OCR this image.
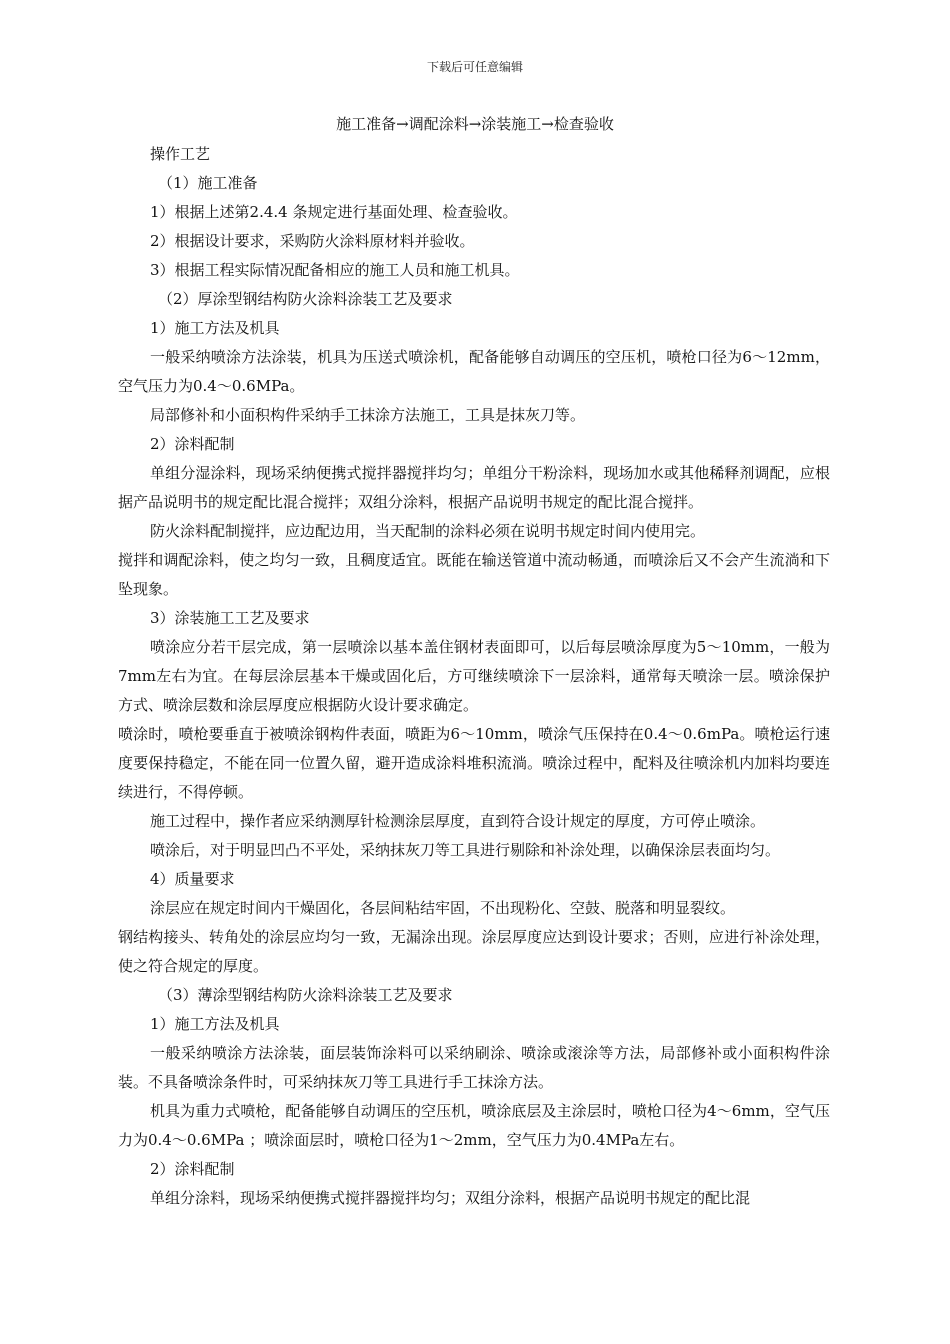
下载后可任意编辑
施工准备→调配涂料→涂装施工→检查验收

操作工艺

（1）施工准备

1）根据上述第2.4.4 条规定进行基面处理、检查验收。

2）根据设计要求，采购防火涂料原材料并验收。

3）根据工程实际情况配备相应的施工人员和施工机具。

（2）厚涂型钢结构防火涂料涂装工艺及要求

1）施工方法及机具

一般采纳喷涂方法涂装，机具为压送式喷涂机，配备能够自动调压的空压机，喷枪口径为6～12mm，空气压力为0.4～0.6MPa。

局部修补和小面积构件采纳手工抹涂方法施工，工具是抹灰刀等。

2）涂料配制

单组分湿涂料，现场采纳便携式搅拌器搅拌均匀；单组分干粉涂料，现场加水或其他稀释剂调配，应根据产品说明书的规定配比混合搅拌；双组分涂料，根据产品说明书规定的配比混合搅拌。

防火涂料配制搅拌，应边配边用，当天配制的涂料必须在说明书规定时间内使用完。

搅拌和调配涂料，使之均匀一致，且稠度适宜。既能在输送管道中流动畅通，而喷涂后又不会产生流淌和下坠现象。

3）涂装施工工艺及要求

喷涂应分若干层完成，第一层喷涂以基本盖住钢材表面即可，以后每层喷涂厚度为5～10mm，一般为7mm左右为宜。在每层涂层基本干燥或固化后，方可继续喷涂下一层涂料，通常每天喷涂一层。喷涂保护方式、喷涂层数和涂层厚度应根据防火设计要求确定。

喷涂时，喷枪要垂直于被喷涂钢构件表面，喷距为6～10mm，喷涂气压保持在0.4～0.6mPa。喷枪运行速度要保持稳定，不能在同一位置久留，避开造成涂料堆积流淌。喷涂过程中，配料及往喷涂机内加料均要连续进行，不得停顿。

施工过程中，操作者应采纳测厚针检测涂层厚度，直到符合设计规定的厚度，方可停止喷涂。

喷涂后，对于明显凹凸不平处，采纳抹灰刀等工具进行剔除和补涂处理，以确保涂层表面均匀。

4）质量要求

涂层应在规定时间内干燥固化，各层间粘结牢固，不出现粉化、空鼓、脱落和明显裂纹。

钢结构接头、转角处的涂层应均匀一致，无漏涂出现。涂层厚度应达到设计要求；否则，应进行补涂处理，使之符合规定的厚度。

（3）薄涂型钢结构防火涂料涂装工艺及要求

1）施工方法及机具

一般采纳喷涂方法涂装，面层装饰涂料可以采纳刷涂、喷涂或滚涂等方法，局部修补或小面积构件涂装。不具备喷涂条件时，可采纳抹灰刀等工具进行手工抹涂方法。

机具为重力式喷枪，配备能够自动调压的空压机，喷涂底层及主涂层时，喷枪口径为4～6mm，空气压力为0.4～0.6MPa ；喷涂面层时，喷枪口径为1～2mm，空气压力为0.4MPa左右。

2）涂料配制

单组分涂料，现场采纳便携式搅拌器搅拌均匀；双组分涂料，根据产品说明书规定的配比混
